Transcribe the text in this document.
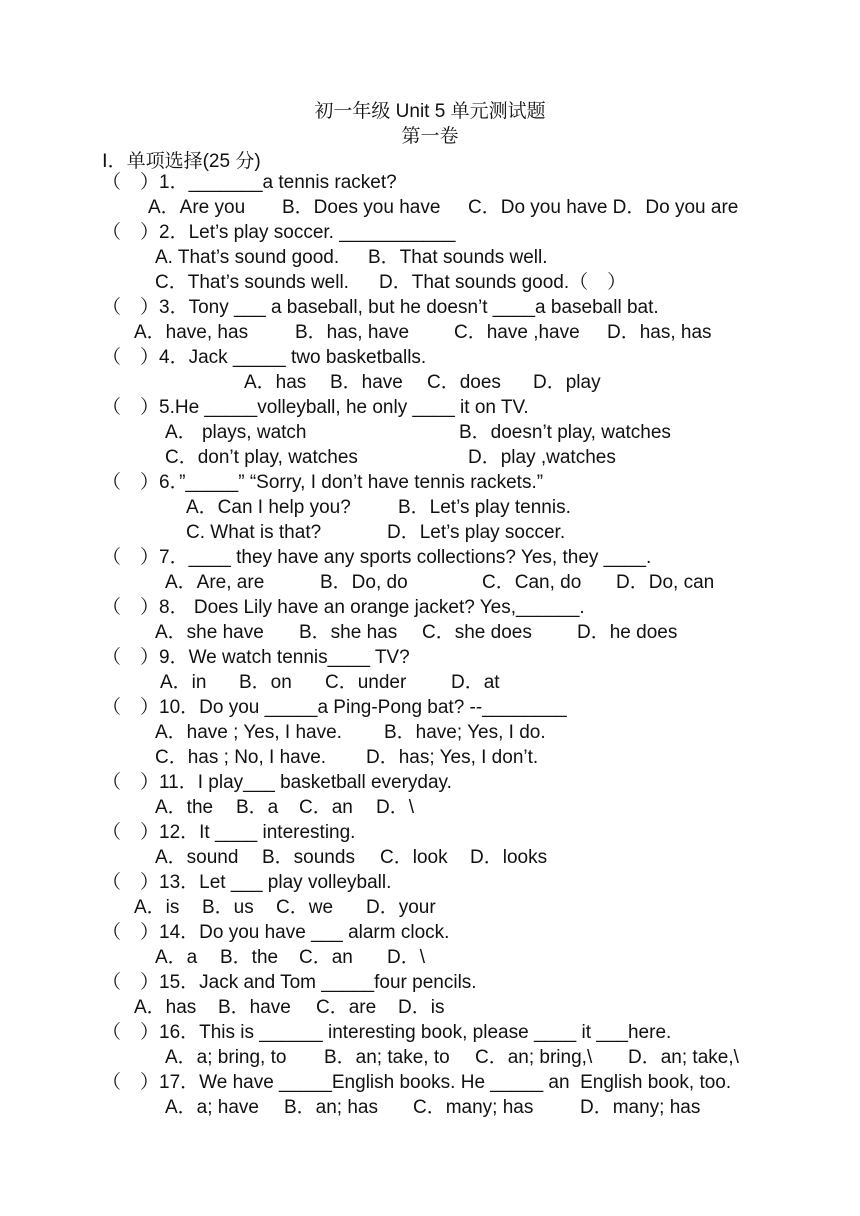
初一年级 Unit 5 单元测试题
第一卷
Ⅰ．单项选择(25 分)
（　）1．_______a tennis racket?

A．Are you

B．Does you have

C．Do you have D．Do you are

（　）2．Let’s play soccer. ___________

A. That’s sound good.

B．That sounds well.

C．That’s sounds well.

D．That sounds good.（　）

（　）3．Tony ___ a baseball, but he doesn’t ____a baseball bat.

A．have, has

B．has, have

C．have ,have

D．has, has

（　）4．Jack _____ two basketballs.

A．has

B．have

C．does

D．play

（　）5.He _____volleyball, he only ____ it on TV.

A． plays, watch

	B．doesn’t play, watches

C．don’t play, watches

	D．play ,watches

（　）6．”_____” “Sorry, I don’t have tennis rackets.”

A．Can I help you?

B．Let’s play tennis.

C. What is that?

	D．Let’s play soccer.

（　）7．____ they have any sports collections? Yes, they ____.

A．Are, are

	B．Do, do

	C．Can, do

D．Do, can

（　）8． Does Lily have an orange jacket? Yes,______.

A．she have

B．she has

C．she does

D．he does

（　）9．We watch tennis____ TV?

A．in

B．on

C．under

D．at

（　）10．Do you _____a Ping-Pong bat? --________

A．have ; Yes, I have.

B．have; Yes, I do.

C．has ; No, I have.

D．has; Yes, I don’t.

（　）11．I play___ basketball everyday.

A．the

B．a

C．an

D．\

（　）12．It ____ interesting.

A．sound

B．sounds

C．look

D．looks

（　）13．Let ___ play volleyball.

A．is

B．us

C．we

D．your

（　）14．Do you have ___ alarm clock.

A．a

B．the

C．an

D．\

（　）15．Jack and Tom _____four pencils.

A．has

B．have

C．are

D．is

（　）16．This is ______ interesting book, please ____ it ___here.

A．a; bring, to

B．an; take, to

C．an; bring,\

D．an; take,\

（　）17．We have _____English books. He _____ an  English book, too.

A．a; have

B．an; has

C．many; has

D．many; has
